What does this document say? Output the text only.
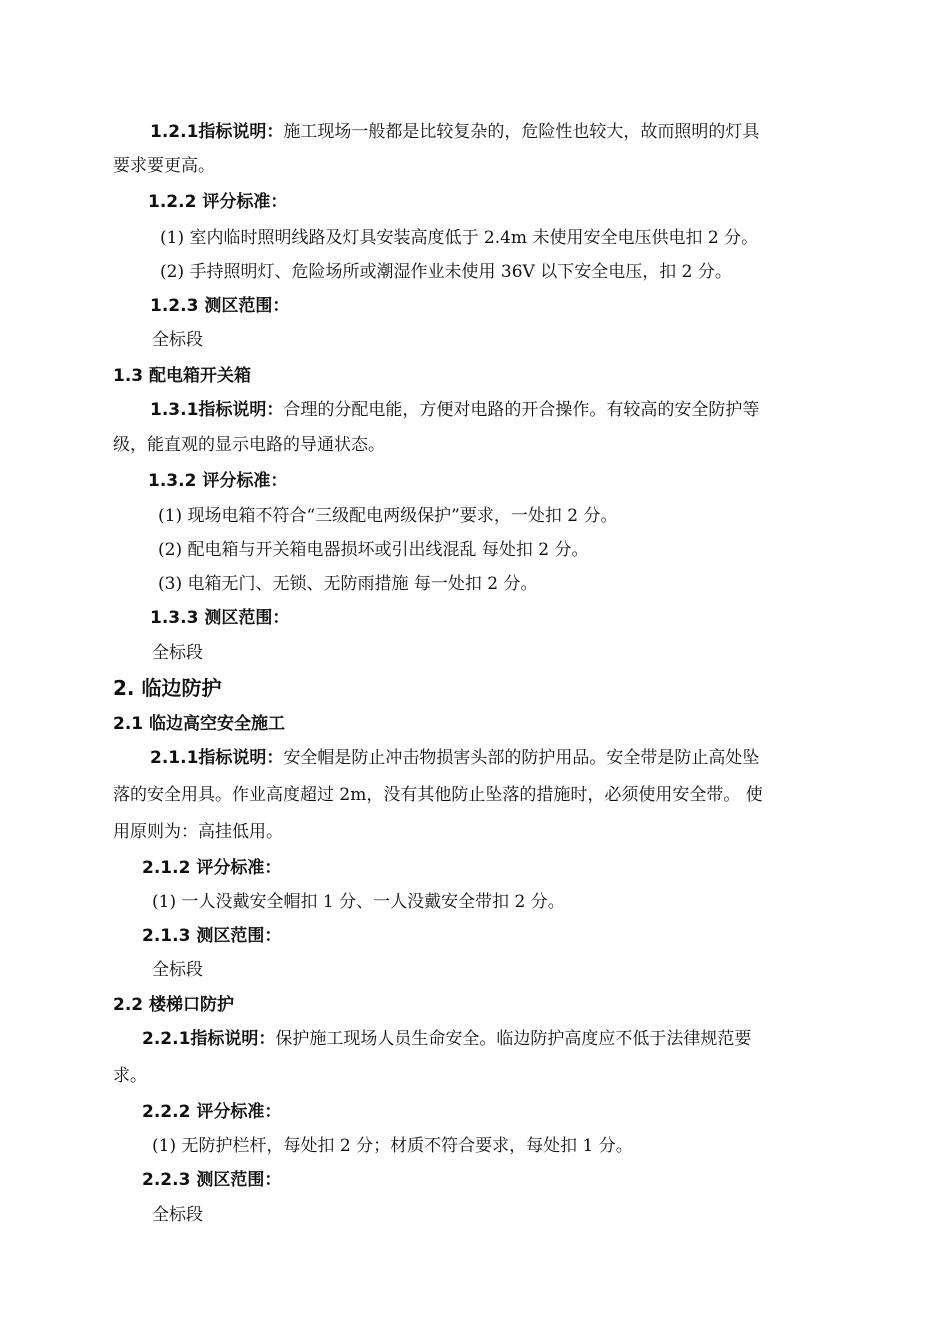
1.2.1指标说明：施工现场一般都是比较复杂的，危险性也较大，故而照明的灯具
要求要更高。
1.2.2 评分标准：
(1) 室内临时照明线路及灯具安装高度低于 2.4m 未使用安全电压供电扣 2 分。
(2) 手持照明灯、危险场所或潮湿作业未使用 36V 以下安全电压，扣 2 分。
1.2.3 测区范围：
全标段
1.3 配电箱开关箱
1.3.1指标说明：合理的分配电能，方便对电路的开合操作。有较高的安全防护等
级，能直观的显示电路的导通状态。
1.3.2 评分标准：
(1) 现场电箱不符合“三级配电两级保护”要求，一处扣 2 分。
(2) 配电箱与开关箱电器损坏或引出线混乱 每处扣 2 分。
(3) 电箱无门、无锁、无防雨措施 每一处扣 2 分。
1.3.3 测区范围：
全标段
2. 临边防护
2.1 临边高空安全施工
2.1.1指标说明：安全帽是防止冲击物损害头部的防护用品。安全带是防止高处坠
落的安全用具。作业高度超过 2m，没有其他防止坠落的措施时，必须使用安全带。 使
用原则为：高挂低用。
2.1.2 评分标准：
(1) 一人没戴安全帽扣 1 分、一人没戴安全带扣 2 分。
2.1.3 测区范围：
全标段
2.2 楼梯口防护
2.2.1指标说明：保护施工现场人员生命安全。临边防护高度应不低于法律规范要
求。
2.2.2 评分标准：
(1) 无防护栏杆，每处扣 2 分；材质不符合要求，每处扣 1 分。
2.2.3 测区范围：
全标段
